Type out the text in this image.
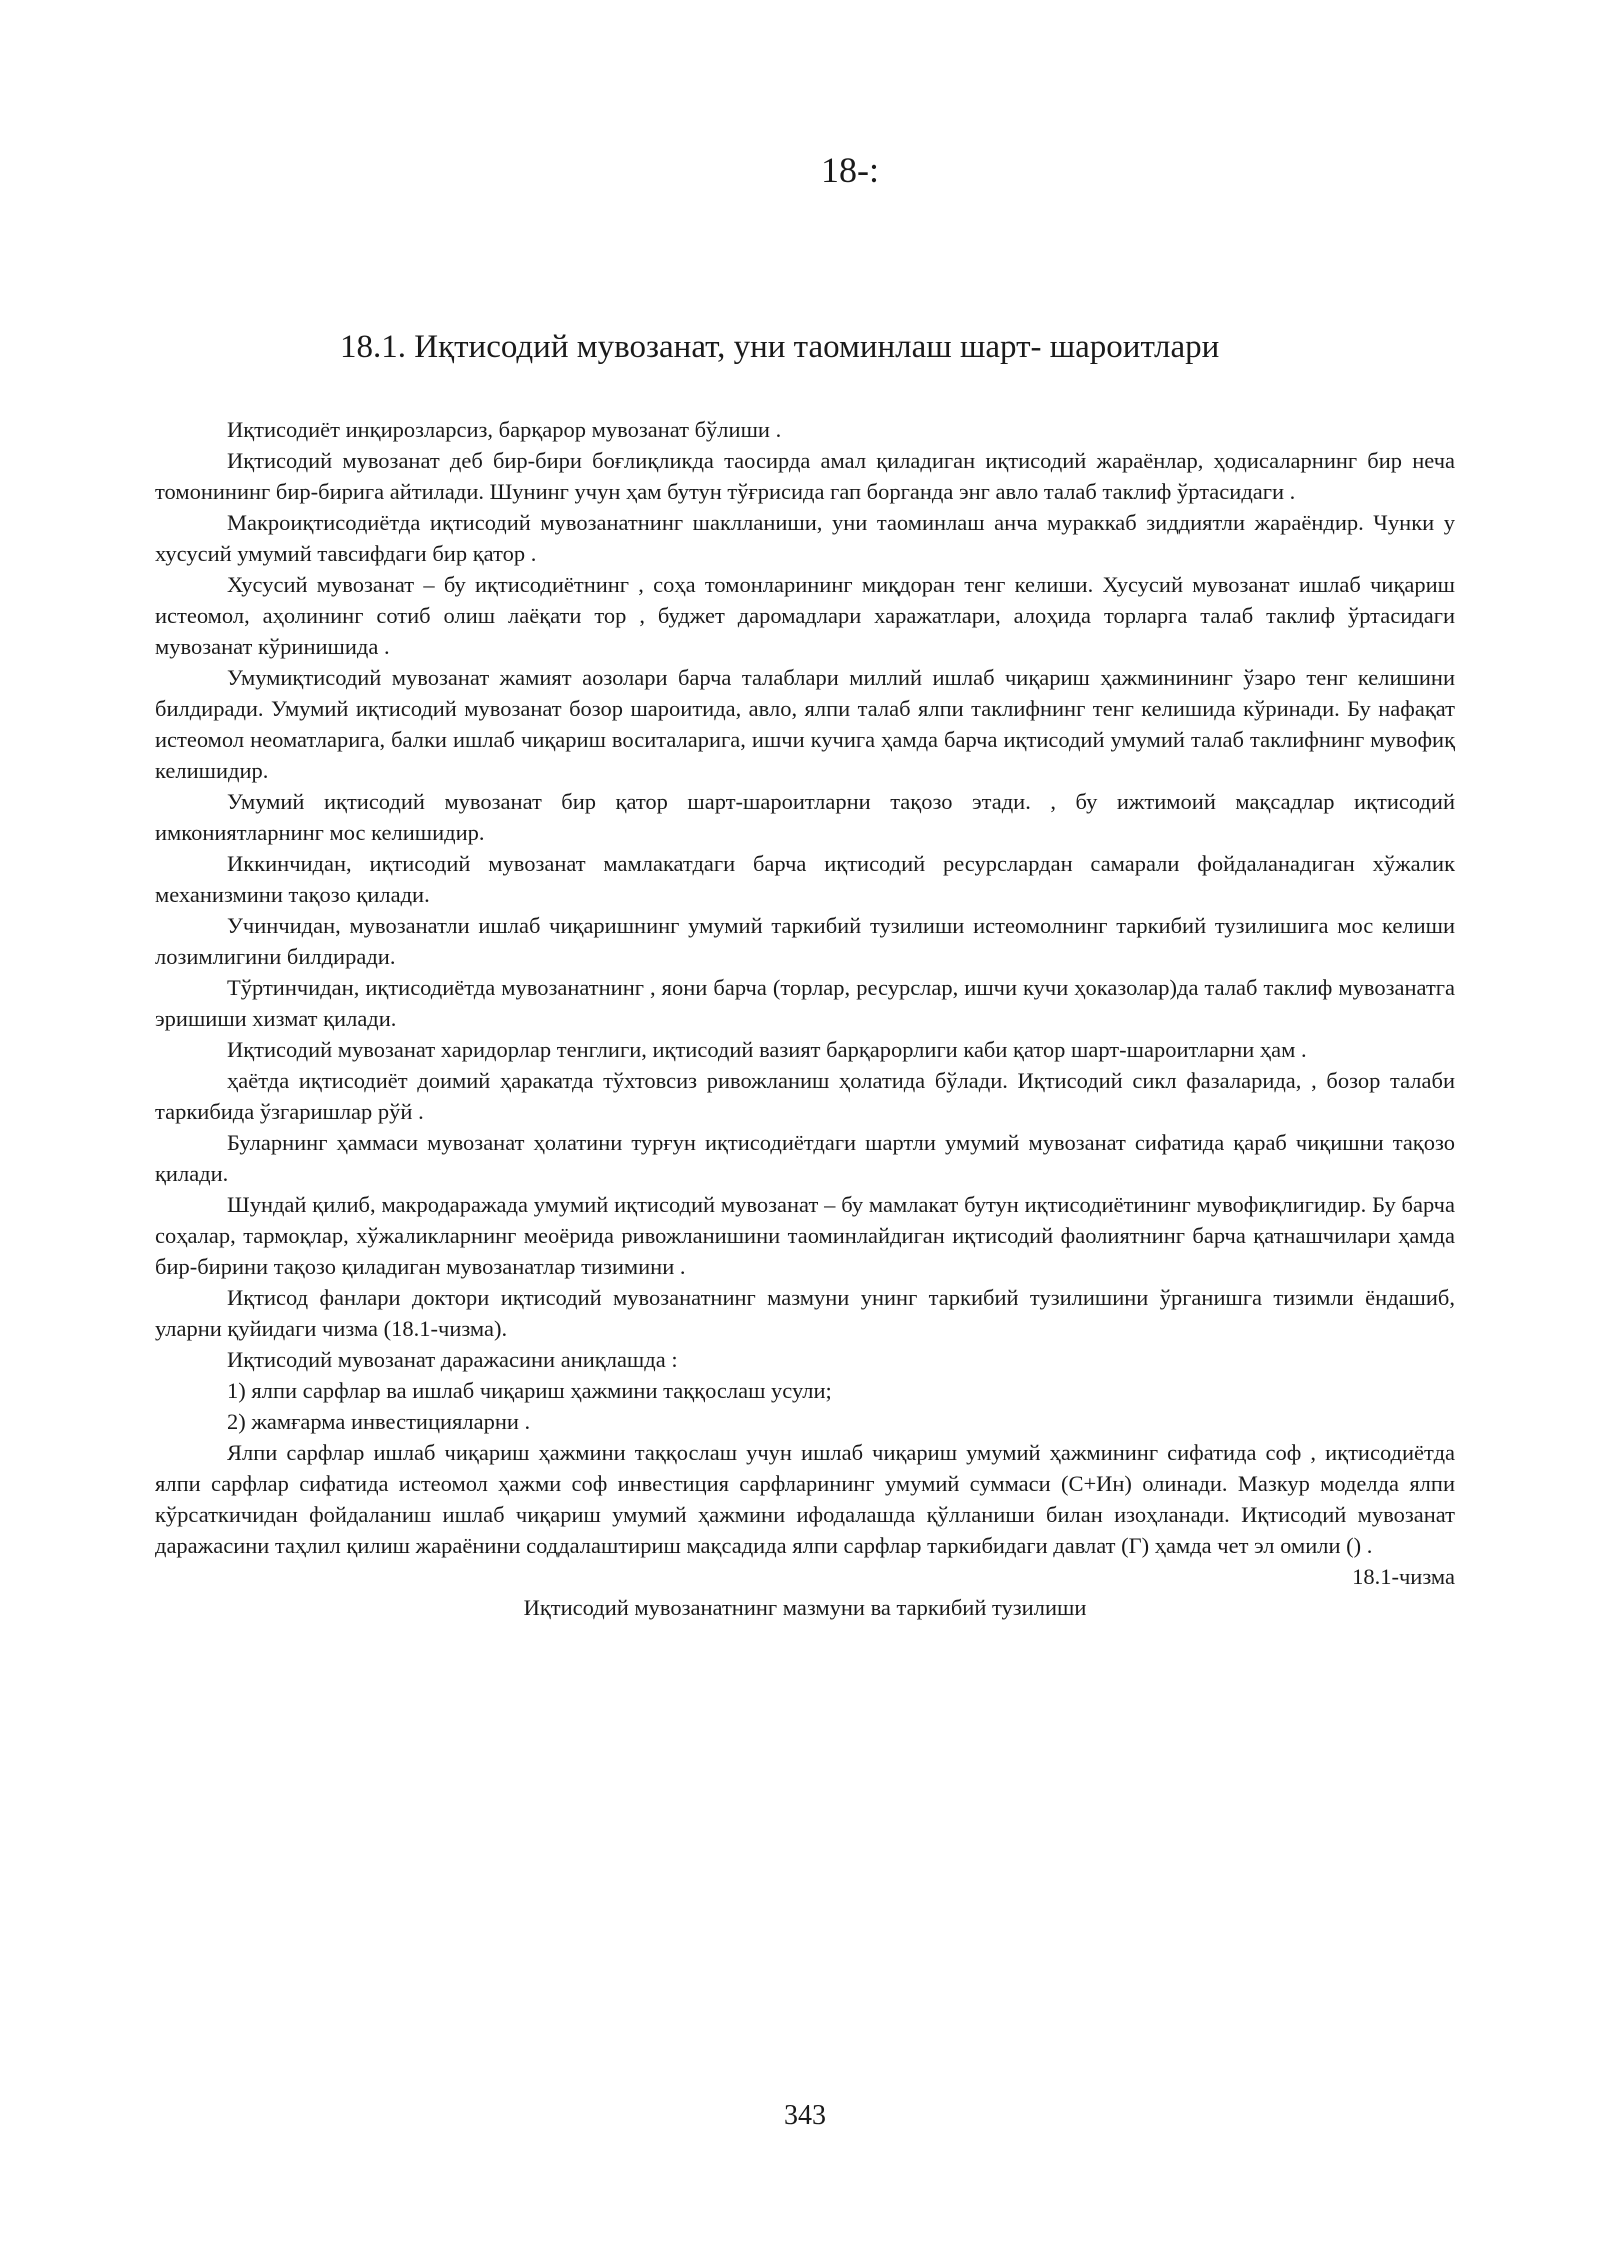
18-:
18.1. Иқтисодий мувозанат, уни таоминлаш шарт- шароитлари

Иқтисодиёт инқирозларсиз, барқарор мувозанат бўлиши .

Иқтисодий мувозанат деб бир-бири боғлиқликда таосирда амал қиладиган иқтисодий жараёнлар, ҳодисаларнинг бир неча томонининг бир-бирига айтилади. Шунинг учун ҳам бутун тўғрисида гап борганда энг авло талаб таклиф ўртасидаги .

Макроиқтисодиётда иқтисодий мувозанатнинг шаклланиши, уни таоминлаш анча мураккаб зиддиятли жараёндир. Чунки у хусусий умумий тавсифдаги бир қатор .

Хусусий мувозанат – бу иқтисодиётнинг , соҳа томонларининг миқдоран тенг келиши. Хусусий мувозанат ишлаб чиқариш истеомол, аҳолининг сотиб олиш лаёқати тор , буджет даромадлари харажатлари, алоҳида торларга талаб таклиф ўртасидаги мувозанат кўринишида .

Умумиқтисодий мувозанат жамият аозолари барча талаблари миллий ишлаб чиқариш ҳажминининг ўзаро тенг келишини билдиради. Умумий иқтисодий мувозанат бозор шароитида, авло, ялпи талаб ялпи таклифнинг тенг келишида кўринади. Бу нафақат истеомол неоматларига, балки ишлаб чиқариш воситаларига, ишчи кучига ҳамда барча иқтисодий умумий талаб таклифнинг мувофиқ келишидир.

Умумий иқтисодий мувозанат бир қатор шарт-шароитларни тақозо этади. , бу ижтимоий мақсадлар иқтисодий имкониятларнинг мос келишидир.

Иккинчидан, иқтисодий мувозанат мамлакатдаги барча иқтисодий ресурслардан самарали фойдаланадиган хўжалик механизмини тақозо қилади.

Учинчидан, мувозанатли ишлаб чиқаришнинг умумий таркибий тузилиши истеомолнинг таркибий тузилишига мос келиши лозимлигини билдиради.

Тўртинчидан, иқтисодиётда мувозанатнинг , яони барча (торлар, ресурслар, ишчи кучи ҳоказолар)да талаб таклиф мувозанатга эришиши хизмат қилади.

Иқтисодий мувозанат харидорлар тенглиги, иқтисодий вазият барқарорлиги каби қатор шарт-шароитларни ҳам .

ҳаётда иқтисодиёт доимий ҳаракатда тўхтовсиз ривожланиш ҳолатида бўлади. Иқтисодий сикл фазаларида, , бозор талаби таркибида ўзгаришлар рўй .

Буларнинг ҳаммаси мувозанат ҳолатини турғун иқтисодиётдаги шартли умумий мувозанат сифатида қараб чиқишни тақозо қилади.

Шундай қилиб, макродаражада умумий иқтисодий мувозанат – бу мамлакат бутун иқтисодиётининг мувофиқлигидир. Бу барча соҳалар, тармоқлар, хўжаликларнинг меоёрида ривожланишини таоминлайдиган иқтисодий фаолиятнинг барча қатнашчилари ҳамда бир-бирини тақозо қиладиган мувозанатлар тизимини .

Иқтисод фанлари доктори иқтисодий мувозанатнинг мазмуни унинг таркибий тузилишини ўрганишга тизимли ёндашиб, уларни қуйидаги чизма (18.1-чизма).

Иқтисодий мувозанат даражасини аниқлашда :

1) ялпи сарфлар ва ишлаб чиқариш ҳажмини таққослаш усули;

2) жамғарма инвестицияларни .

Ялпи сарфлар ишлаб чиқариш ҳажмини таққослаш учун ишлаб чиқариш умумий ҳажмининг сифатида соф , иқтисодиётда ялпи сарфлар сифатида истеомол ҳажми соф инвестиция сарфларининг умумий суммаси (С+Ин) олинади. Мазкур моделда ялпи кўрсаткичидан фойдаланиш ишлаб чиқариш умумий ҳажмини ифодалашда қўлланиши билан изоҳланади. Иқтисодий мувозанат даражасини таҳлил қилиш жараёнини соддалаштириш мақсадида ялпи сарфлар таркибидаги давлат (Г) ҳамда чет эл омили () .

18.1-чизма

Иқтисодий мувозанатнинг мазмуни ва таркибий тузилиши

343
